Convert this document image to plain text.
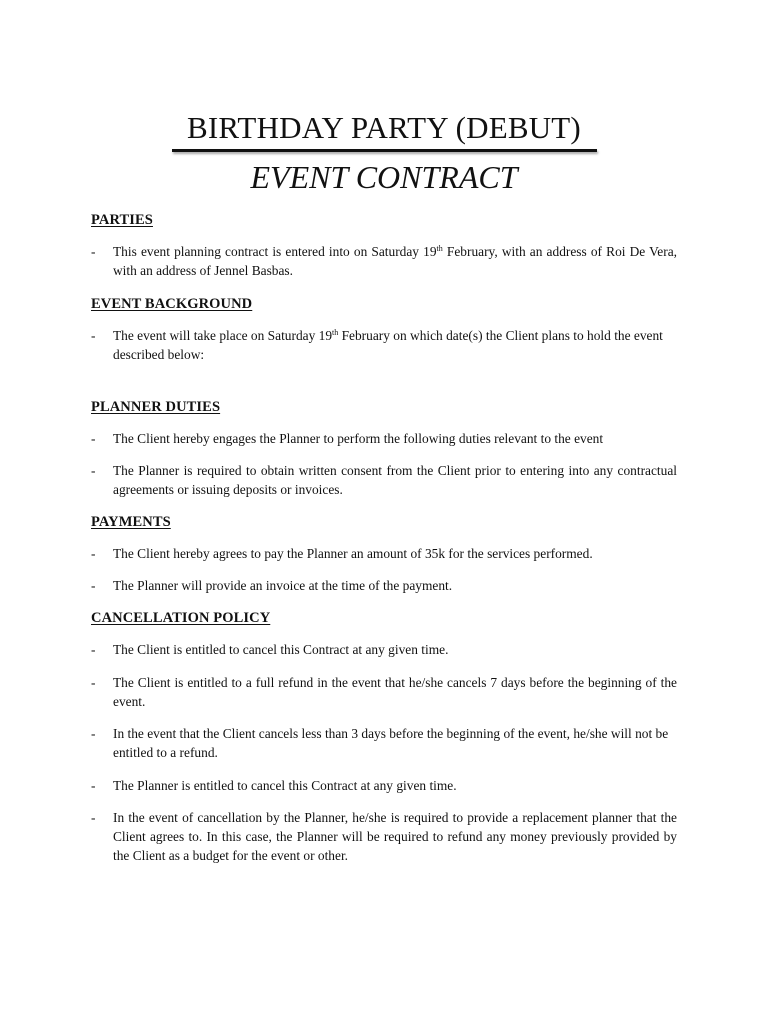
BIRTHDAY PARTY (DEBUT)
EVENT CONTRACT
PARTIES
- This event planning contract is entered into on Saturday 19th February, with an address of Roi De Vera, with an address of Jennel Basbas.
EVENT BACKGROUND
- The event will take place on Saturday 19th February on which date(s) the Client plans to hold the event described below:
PLANNER DUTIES
- The Client hereby engages the Planner to perform the following duties relevant to the event
- The Planner is required to obtain written consent from the Client prior to entering into any contractual agreements or issuing deposits or invoices.
PAYMENTS
- The Client hereby agrees to pay the Planner an amount of 35k for the services performed.
- The Planner will provide an invoice at the time of the payment.
CANCELLATION POLICY
- The Client is entitled to cancel this Contract at any given time.
- The Client is entitled to a full refund in the event that he/she cancels 7 days before the beginning of the event.
- In the event that the Client cancels less than 3 days before the beginning of the event, he/she will not be entitled to a refund.
- The Planner is entitled to cancel this Contract at any given time.
- In the event of cancellation by the Planner, he/she is required to provide a replacement planner that the Client agrees to. In this case, the Planner will be required to refund any money previously provided by the Client as a budget for the event or other.
